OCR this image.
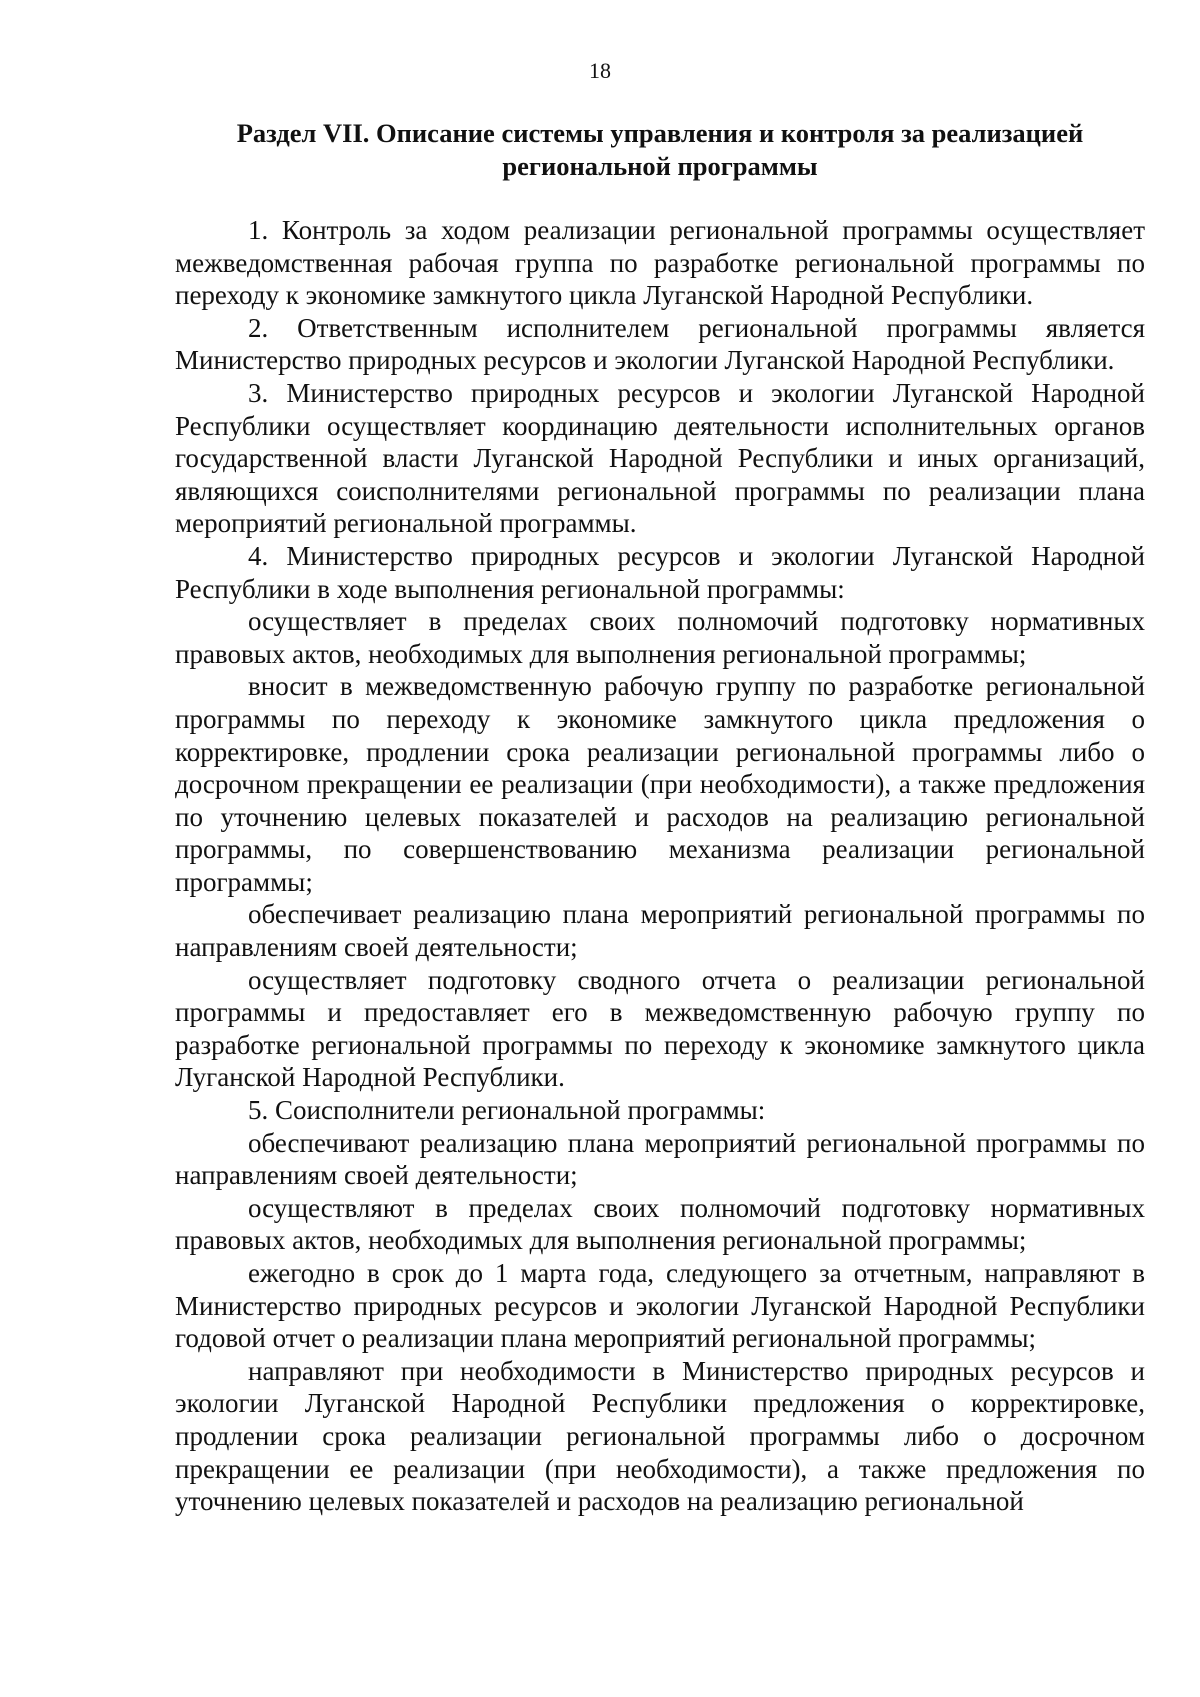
18
Раздел VII. Описание системы управления и контроля за реализацией
региональной программы

1. Контроль за ходом реализации региональной программы осуществляет межведомственная рабочая группа по разработке региональной программы по переходу к экономике замкнутого цикла Луганской Народной Республики.

2. Ответственным исполнителем региональной программы является Министерство природных ресурсов и экологии Луганской Народной Республики.

3. Министерство природных ресурсов и экологии Луганской Народной Республики осуществляет координацию деятельности исполнительных органов государственной власти Луганской Народной Республики и иных организаций, являющихся соисполнителями региональной программы по реализации плана мероприятий региональной программы.

4. Министерство природных ресурсов и экологии Луганской Народной Республики в ходе выполнения региональной программы:

осуществляет в пределах своих полномочий подготовку нормативных правовых актов, необходимых для выполнения региональной программы;

вносит в межведомственную рабочую группу по разработке региональной программы по переходу к экономике замкнутого цикла предложения о корректировке, продлении срока реализации региональной программы либо о досрочном прекращении ее реализации (при необходимости), а также предложения по уточнению целевых показателей и расходов на реализацию региональной программы, по совершенствованию механизма реализации региональной программы;

обеспечивает реализацию плана мероприятий региональной программы по направлениям своей деятельности;

осуществляет подготовку сводного отчета о реализации региональной программы и предоставляет его в межведомственную рабочую группу по разработке региональной программы по переходу к экономике замкнутого цикла Луганской Народной Республики.

5. Соисполнители региональной программы:

обеспечивают реализацию плана мероприятий региональной программы по направлениям своей деятельности;

осуществляют в пределах своих полномочий подготовку нормативных правовых актов, необходимых для выполнения региональной программы;

ежегодно в срок до 1 марта года, следующего за отчетным, направляют в Министерство природных ресурсов и экологии Луганской Народной Республики годовой отчет о реализации плана мероприятий региональной программы;

направляют при необходимости в Министерство природных ресурсов и экологии Луганской Народной Республики предложения о корректировке, продлении срока реализации региональной программы либо о досрочном прекращении ее реализации (при необходимости), а также предложения по уточнению целевых показателей и расходов на реализацию региональной
